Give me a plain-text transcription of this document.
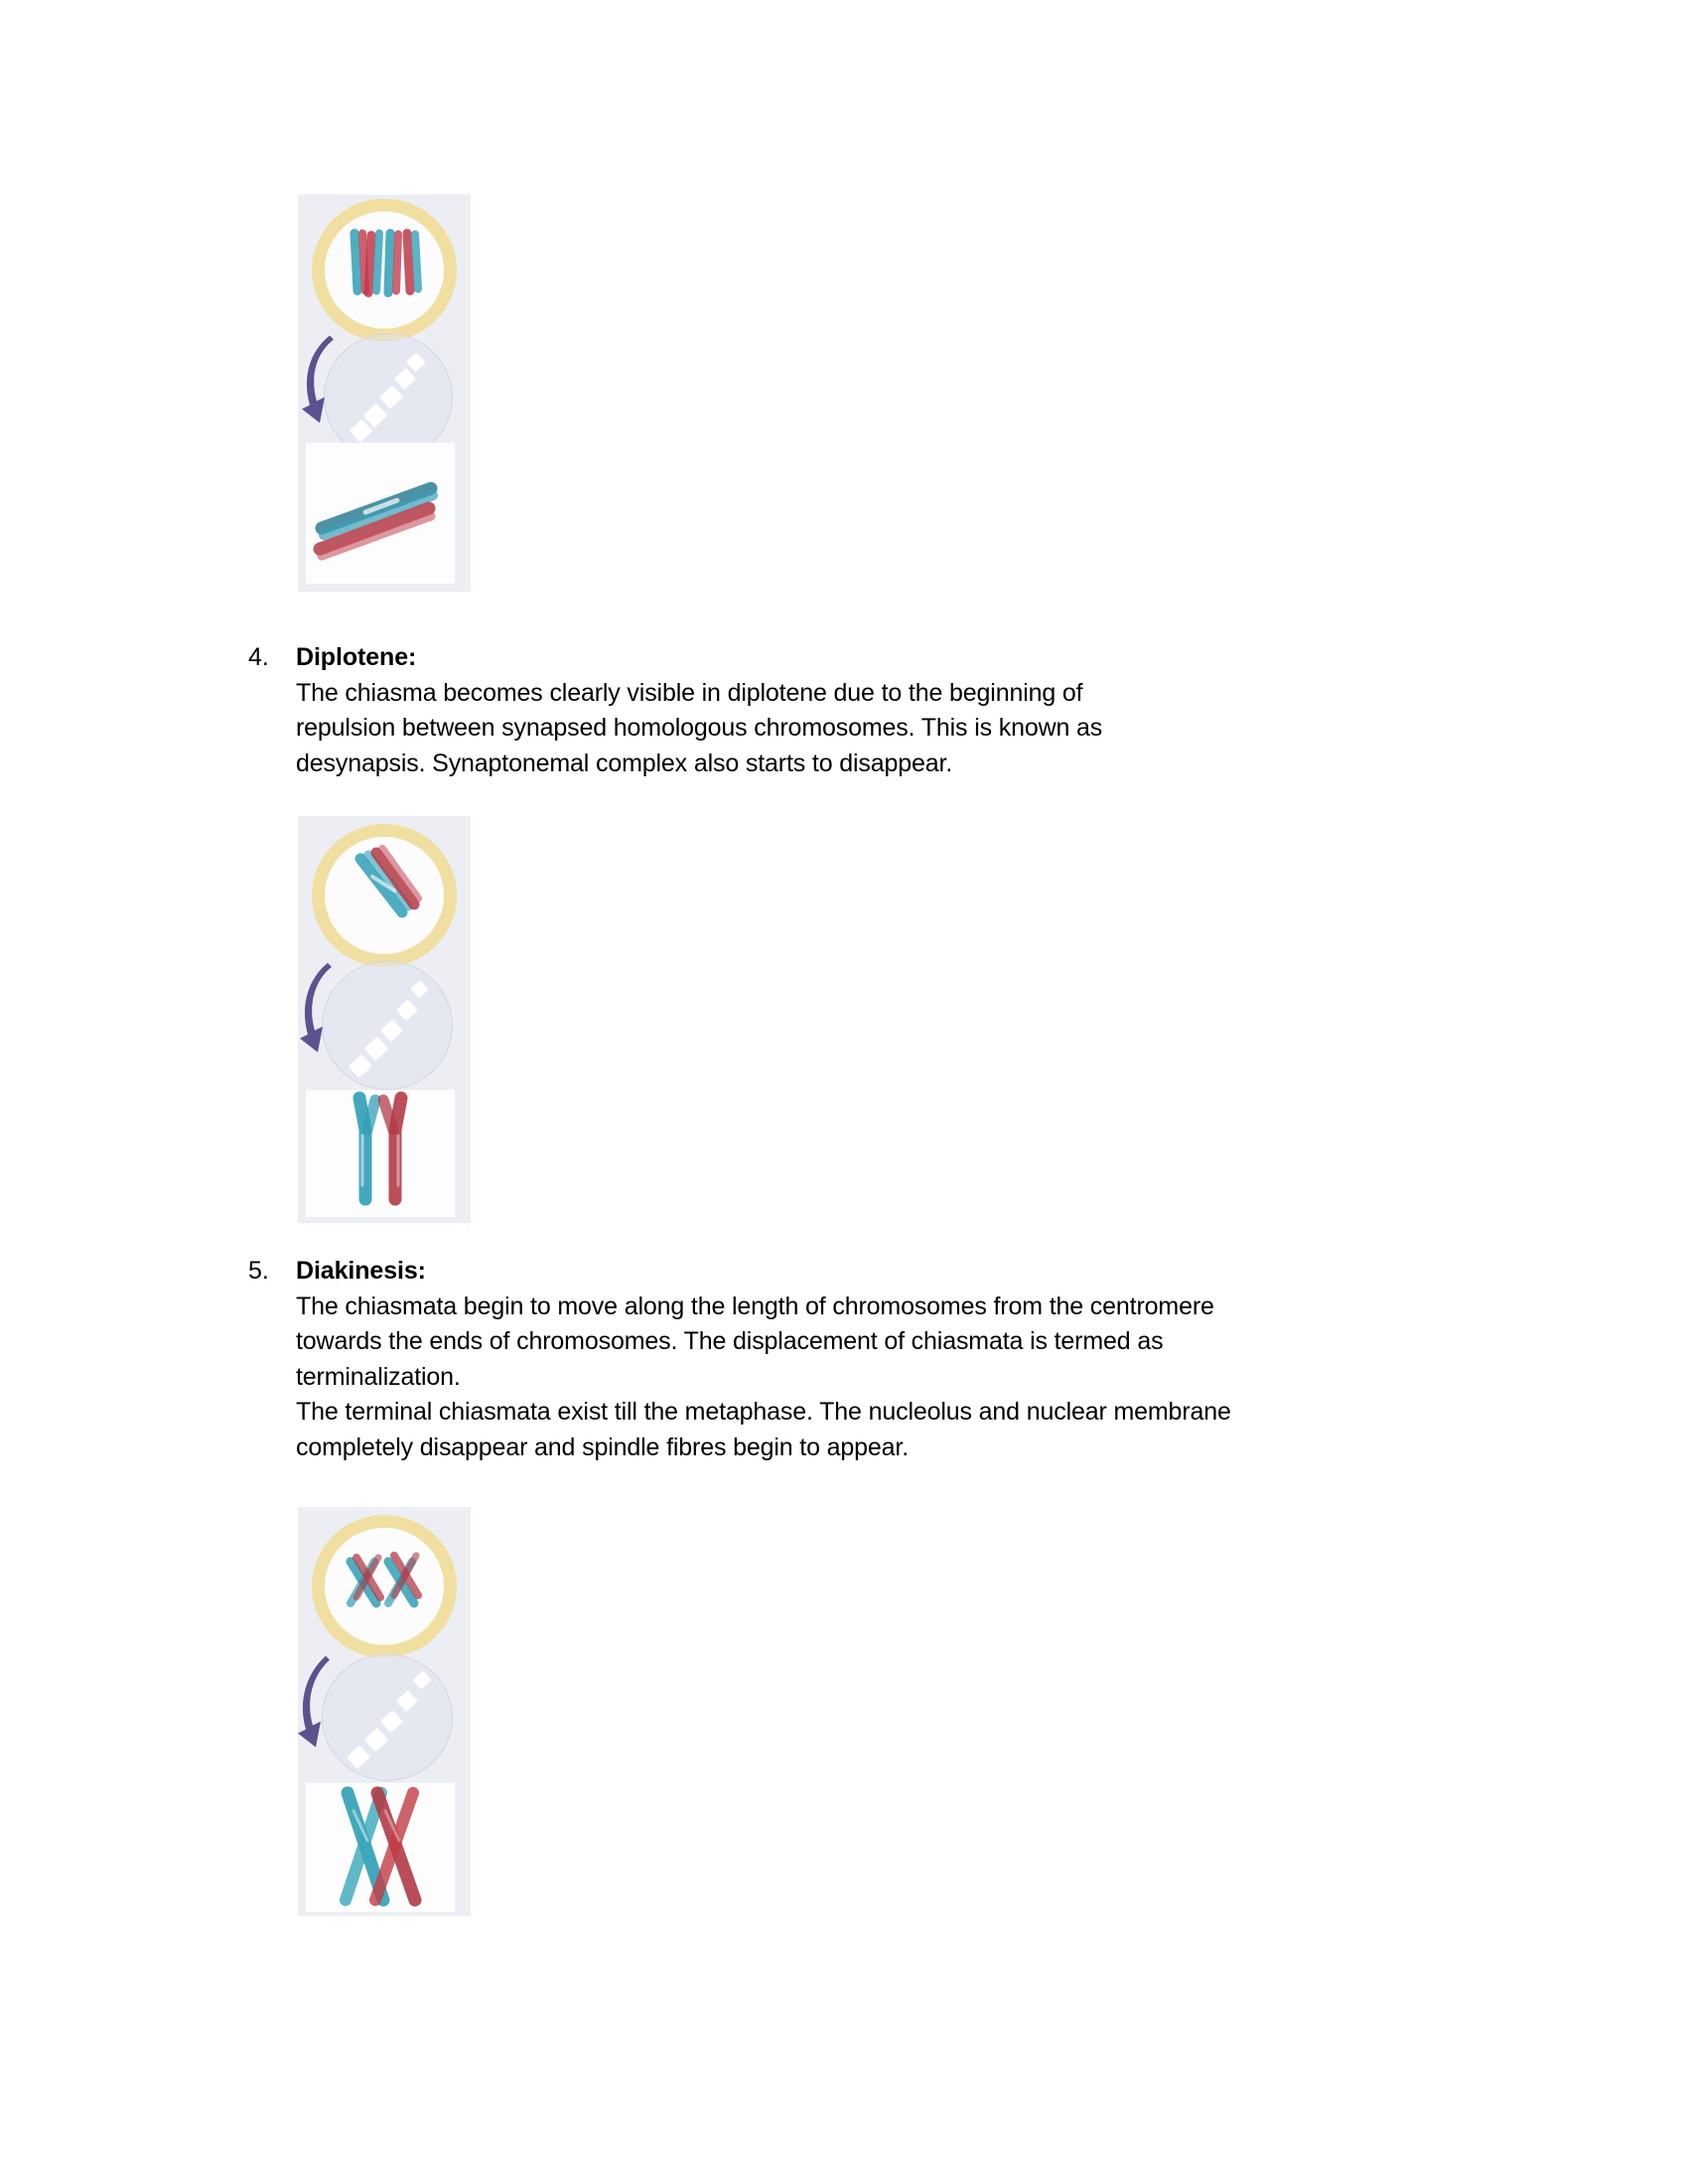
4. Diplotene:
The chiasma becomes clearly visible in diplotene due to the beginning of repulsion between synapsed homologous chromosomes. This is known as desynapsis. Synaptonemal complex also starts to disappear.
5. Diakinesis:
The chiasmata begin to move along the length of chromosomes from the centromere towards the ends of chromosomes. The displacement of chiasmata is termed as terminalization.
The terminal chiasmata exist till the metaphase. The nucleolus and nuclear membrane completely disappear and spindle fibres begin to appear.
